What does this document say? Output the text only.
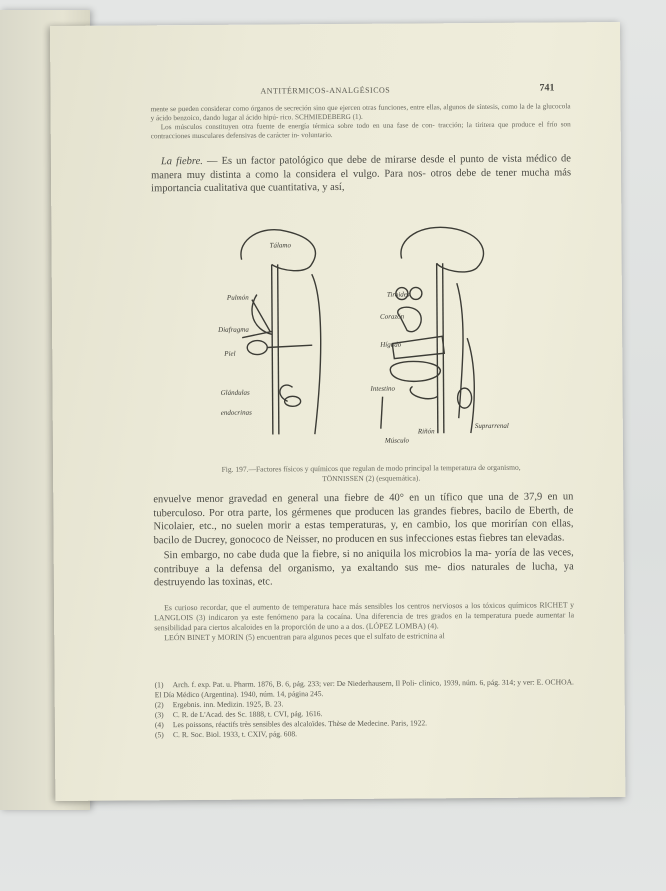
ANTITÉRMICOS-ANALGÉSICOS	741

mente se pueden considerar como órganos de secreción sino que ejercen otras funciones, entre ellas, algunos de síntesis, como la de la glucocola y ácido benzoico, dando lugar al ácido hipú- rico. SCHMIEDEBERG (1).

Los músculos constituyen otra fuente de energía térmica sobre todo en una fase de con- tracción; la tiritera que produce el frío son contracciones musculares defensivas de carácter in- voluntario.

La fiebre. — Es un factor patológico que debe de mirarse desde el punto de vista médico de manera muy distinta a como la considera el vulgo. Para nos- otros debe de tener mucha más importancia cualitativa que cuantitativa, y así,

Tálamo
Pulmón
Diafragma
Piel
Glándulas
endocrinas
Tiroides
Corazón
Hígado
Intestino
Riñón
Músculo
Suprarrenal
Fig. 197.—Factores físicos y químicos que regulan de modo principal la temperatura de organismo,
TÖNNISSEN (2) (esquemática).

envuelve menor gravedad en general una fiebre de 40° en un tífico que una de 37,9 en un tuberculoso. Por otra parte, los gérmenes que producen las grandes fiebres, bacilo de Eberth, de Nicolaier, etc., no suelen morir a estas temperaturas, y, en cambio, los que morirían con ellas, bacilo de Ducrey, gonococo de Neisser, no producen en sus infecciones estas fiebres tan elevadas.

Sin embargo, no cabe duda que la fiebre, si no aniquila los microbios la ma- yoría de las veces, contribuye a la defensa del organismo, ya exaltando sus me- dios naturales de lucha, ya destruyendo las toxinas, etc.

Es curioso recordar, que el aumento de temperatura hace más sensibles los centros nerviosos a los tóxicos químicos RICHET y LANGLOIS (3) indicaron ya este fenómeno para la cocaína. Una diferencia de tres grados en la temperatura puede aumentar la sensibilidad para ciertos alcaloides en la proporción de uno a a dos. (LÓPEZ LOMBA) (4).

LEÓN BINET y MORIN (5) encuentran para algunos peces que el sulfato de estricnina al

(1) Arch. f. exp. Pat. u. Pharm. 1876, B. 6, pág. 233; ver: De Niederhausern, Il Poli- clinico, 1939, núm. 6, pág. 314; y ver: E. OCHOA. El Día Médico (Argentina). 1940, núm. 14, página 245.

(2) Ergebnis. inn. Medizin. 1925, B. 23.

(3) C. R. de L'Acad. des Sc. 1888, t. CVI, pág. 1616.

(4) Les poissons, réactifs très sensibles des alcaloïdes. Thèse de Medecine. Paris, 1922.

(5) C. R. Soc. Biol. 1933, t. CXIV, pág. 608.
